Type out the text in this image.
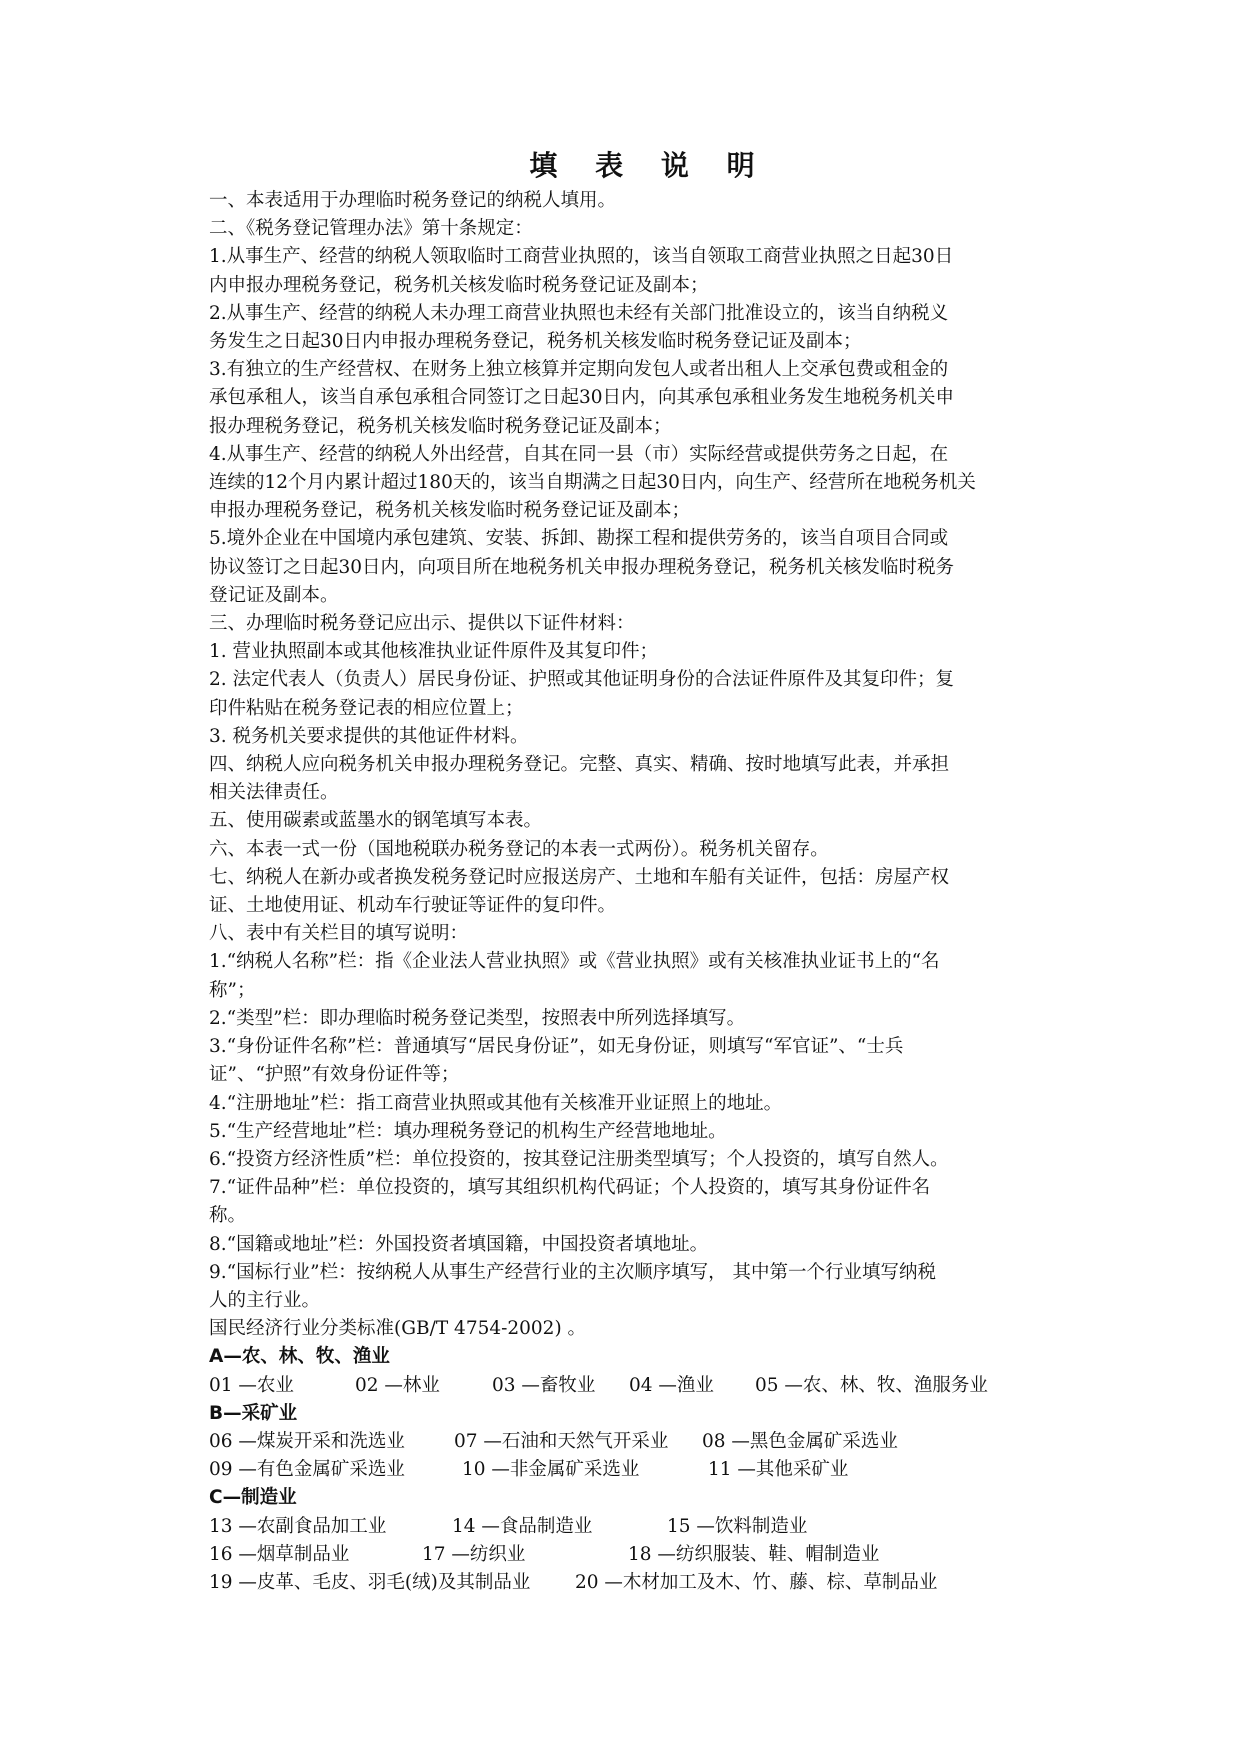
填 表 说 明
一、本表适用于办理临时税务登记的纳税人填用。
二、《税务登记管理办法》第十条规定：
1.从事生产、经营的纳税人领取临时工商营业执照的，该当自领取工商营业执照之日起30日
内申报办理税务登记，税务机关核发临时税务登记证及副本；
2.从事生产、经营的纳税人未办理工商营业执照也未经有关部门批准设立的，该当自纳税义
务发生之日起30日内申报办理税务登记，税务机关核发临时税务登记证及副本；
3.有独立的生产经营权、在财务上独立核算并定期向发包人或者出租人上交承包费或租金的
承包承租人，该当自承包承租合同签订之日起30日内，向其承包承租业务发生地税务机关申
报办理税务登记，税务机关核发临时税务登记证及副本；
4.从事生产、经营的纳税人外出经营，自其在同一县（市）实际经营或提供劳务之日起，在
连续的12个月内累计超过180天的，该当自期满之日起30日内，向生产、经营所在地税务机关
申报办理税务登记，税务机关核发临时税务登记证及副本；
5.境外企业在中国境内承包建筑、安装、拆卸、勘探工程和提供劳务的，该当自项目合同或
协议签订之日起30日内，向项目所在地税务机关申报办理税务登记，税务机关核发临时税务
登记证及副本。
三、办理临时税务登记应出示、提供以下证件材料：
1. 营业执照副本或其他核准执业证件原件及其复印件；
2. 法定代表人（负责人）居民身份证、护照或其他证明身份的合法证件原件及其复印件；复
印件粘贴在税务登记表的相应位置上；
3. 税务机关要求提供的其他证件材料。
四、纳税人应向税务机关申报办理税务登记。完整、真实、精确、按时地填写此表，并承担
相关法律责任。
五、使用碳素或蓝墨水的钢笔填写本表。
六、本表一式一份（国地税联办税务登记的本表一式两份）。税务机关留存。
七、纳税人在新办或者换发税务登记时应报送房产、土地和车船有关证件，包括：房屋产权
证、土地使用证、机动车行驶证等证件的复印件。
八、表中有关栏目的填写说明：
1.“纳税人名称”栏：指《企业法人营业执照》或《营业执照》或有关核准执业证书上的“名
称”；
2.“类型”栏：即办理临时税务登记类型，按照表中所列选择填写。
3.“身份证件名称”栏：普通填写“居民身份证”，如无身份证，则填写“军官证”、“士兵
证”、“护照”有效身份证件等；
4.“注册地址”栏：指工商营业执照或其他有关核准开业证照上的地址。
5.“生产经营地址”栏：填办理税务登记的机构生产经营地地址。
6.“投资方经济性质”栏：单位投资的，按其登记注册类型填写；个人投资的，填写自然人。
7.“证件品种”栏：单位投资的，填写其组织机构代码证；个人投资的，填写其身份证件名
称。
8.“国籍或地址”栏：外国投资者填国籍，中国投资者填地址。
9.“国标行业”栏：按纳税人从事生产经营行业的主次顺序填写， 其中第一个行业填写纳税
人的主行业。
国民经济行业分类标准(GB/T 4754-2002) 。
A—农、林、牧、渔业
01 —农业	02 —林业	03 —畜牧业 04 —渔业 05 —农、林、牧、渔服务业
B—采矿业
06 —煤炭开采和洗选业	07 —石油和天然气开采业 08 —黑色金属矿采选业
09 —有色金属矿采选业	10 —非金属矿采选业	11 —其他采矿业
C—制造业
13 —农副食品加工业	14 —食品制造业	15 —饮料制造业
16 —烟草制品业	17 —纺织业	18 —纺织服装、鞋、帽制造业
19 —皮革、毛皮、羽毛(绒)及其制品业 20 —木材加工及木、竹、藤、棕、草制品业
